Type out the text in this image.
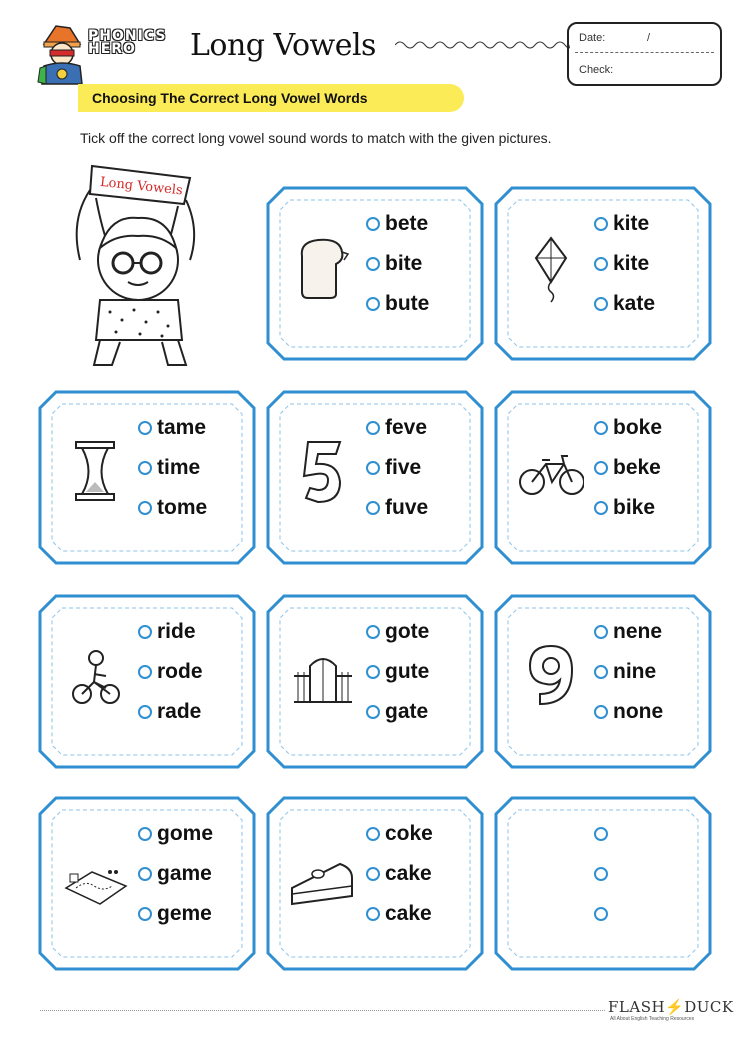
PHONICS
HERO	Long Vowels	Date:	/
Check:
Choosing The Correct Long Vowel Words
Tick off the correct long vowel sound words to match with the given pictures.
Long Vowels
bete
bite
bute
kite
kite
kate
tame
time
tome
feve
five
fuve
boke
beke
bike
ride
rode
rade
gote
gute
gate
nene
nine
none
gome
game
geme
coke
cake
cake
FLASH⚡DUCK
All About English Teaching Resources
